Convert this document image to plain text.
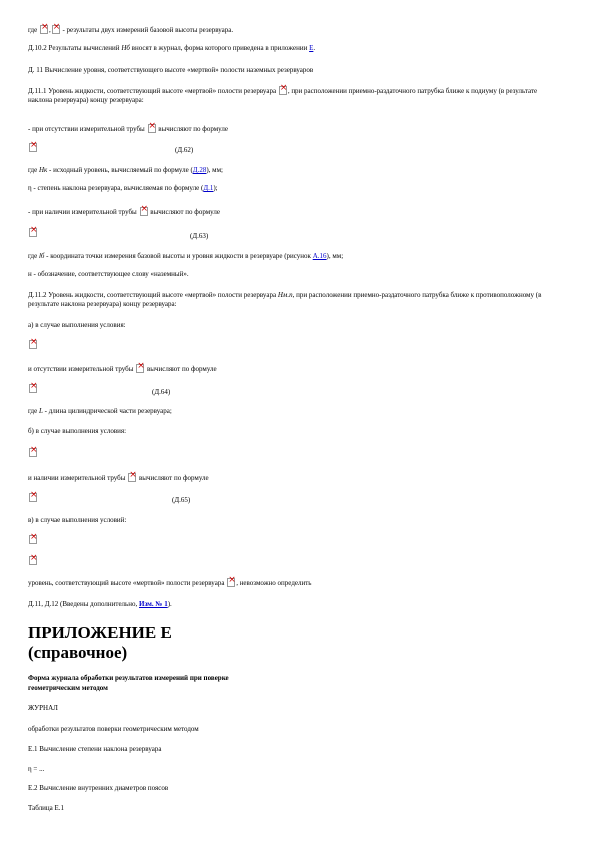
где × , × - результаты двух измерений базовой высоты резервуара.
Д.10.2 Результаты вычислений Hб вносят в журнал, форма которого приведена в приложении Е.
Д. 11 Вычисление уровня, соответствующего высоте «мертвой» полости наземных резервуаров
Д.11.1 Уровень жидкости, соответствующий высоте «мертвой» полости резервуара × , при расположении приемно-раздаточного патрубка ближе к подиуму (в результате наклона резервуара) концу резервуара:
- при отсутствии измерительной трубы × вычисляют по формуле
×
(Д.62)
где Hк - исходный уровень, вычисляемый по формуле (Д.28), мм;
η - степень наклона резервуара, вычисляемая по формуле (Д.1);
- при наличии измерительной трубы × вычисляют по формуле
×
(Д.63)
где lб - координата точки измерения базовой высоты и уровня жидкости в резервуаре (рисунок А.16), мм;
н - обозначение, соответствующее слову «наземный».
Д.11.2 Уровень жидкости, соответствующий высоте «мертвой» полости резервуара Hм.п, при расположении приемно-раздаточного патрубка ближе к противоположному (в результате наклона резервуара) концу резервуара:
а) в случае выполнения условия:
×
и отсутствии измерительной трубы × вычисляют по формуле
×
(Д.64)
где L - длина цилиндрической части резервуара;
б) в случае выполнения условия:
×
и наличии измерительной трубы × вычисляют по формуле
×
(Д.65)
в) в случае выполнения условий:
×
×
уровень, соответствующий высоте «мертвой» полости резервуара × , невозможно определить
Д.11, Д.12 (Введены дополнительно, Изм. № 1).
ПРИЛОЖЕНИЕ Е
(справочное)
Форма журнала обработки результатов измерений при поверке
геометрическим методом
ЖУРНАЛ
обработки результатов поверки геометрическим методом
Е.1 Вычисление степени наклона резервуара
η = ...
Е.2 Вычисление внутренних диаметров поясов
Таблица Е.1
